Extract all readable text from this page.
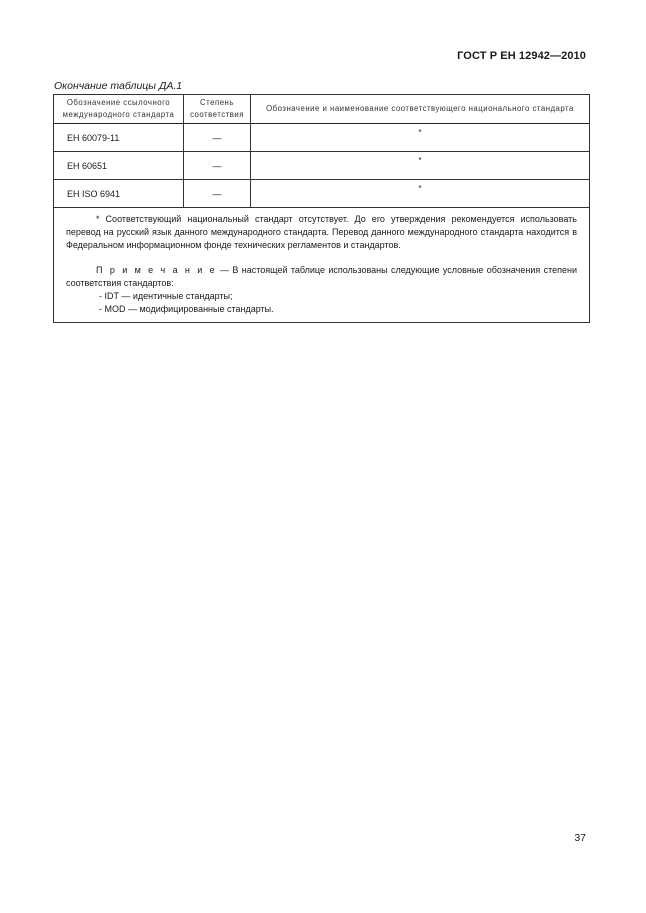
ГОСТ Р ЕН 12942—2010
Окончание таблицы ДА.1
Обозначение ссылочного международного стандарта	Степень соответствия	Обозначение и наименование соответствующего национального стандарта
ЕН 60079-11	—	*
ЕН 60651	—	*
ЕН ISO 6941	—	*

* Соответствующий национальный стандарт отсутствует. До его утверждения рекомендуется использовать перевод на русский язык данного международного стандарта. Перевод данного международного стандарта находится в Федеральном информационном фонде технических регламентов и стандартов.

П р и м е ч а н и е — В настоящей таблице использованы следующие условные обозначения степени соответствия стандартов:
- IDT — идентичные стандарты;
- MOD — модифицированные стандарты.		
37
